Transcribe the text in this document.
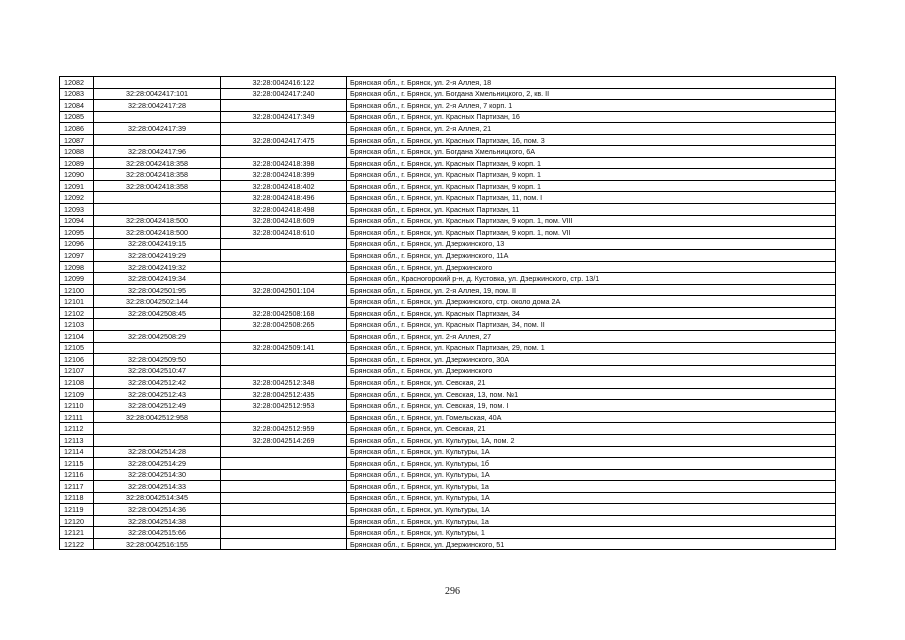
12082		32:28:0042416:122	Брянская обл., г. Брянск, ул. 2-я Аллея, 18
12083	32:28:0042417:101	32:28:0042417:240	Брянская обл., г. Брянск, ул. Богдана Хмельницкого, 2, кв. II
12084	32:28:0042417:28		Брянская обл., г. Брянск, ул. 2-я Аллея, 7 корп. 1
12085		32:28:0042417:349	Брянская обл., г. Брянск, ул. Красных Партизан, 16
12086	32:28:0042417:39		Брянская обл., г. Брянск, ул. 2-я Аллея, 21
12087		32:28:0042417:475	Брянская обл., г. Брянск, ул. Красных Партизан, 16, пом. 3
12088	32:28:0042417:96		Брянская обл., г. Брянск, ул. Богдана Хмельницкого, 6А
12089	32:28:0042418:358	32:28:0042418:398	Брянская обл., г. Брянск, ул. Красных Партизан, 9 корп. 1
12090	32:28:0042418:358	32:28:0042418:399	Брянская обл., г. Брянск, ул. Красных Партизан, 9 корп. 1
12091	32:28:0042418:358	32:28:0042418:402	Брянская обл., г. Брянск, ул. Красных Партизан, 9 корп. 1
12092		32:28:0042418:496	Брянская обл., г. Брянск, ул. Красных Партизан, 11, пом. I
12093		32:28:0042418:498	Брянская обл., г. Брянск, ул. Красных Партизан, 11
12094	32:28:0042418:500	32:28:0042418:609	Брянская обл., г. Брянск, ул. Красных Партизан, 9 корп. 1, пом. VIII
12095	32:28:0042418:500	32:28:0042418:610	Брянская обл., г. Брянск, ул. Красных Партизан, 9 корп. 1, пом. VII
12096	32:28:0042419:15		Брянская обл., г. Брянск, ул. Дзержинского, 13
12097	32:28:0042419:29		Брянская обл., г. Брянск, ул. Дзержинского, 11А
12098	32:28:0042419:32		Брянская обл., г. Брянск, ул. Дзержинского
12099	32:28:0042419:34		Брянская обл., Красногорский р-н, д. Кустовка, ул. Дзержинского, стр. 13/1
12100	32:28:0042501:95	32:28:0042501:104	Брянская обл., г. Брянск, ул. 2-я Аллея, 19, пом. II
12101	32:28:0042502:144		Брянская обл., г. Брянск, ул. Дзержинского, стр. около дома 2А
12102	32:28:0042508:45	32:28:0042508:168	Брянская обл., г. Брянск, ул. Красных Партизан, 34
12103		32:28:0042508:265	Брянская обл., г. Брянск, ул. Красных Партизан, 34, пом. II
12104	32:28:0042508:29		Брянская обл., г. Брянск, ул. 2-я Аллея, 27
12105		32:28:0042509:141	Брянская обл., г. Брянск, ул. Красных Партизан, 29, пом. 1
12106	32:28:0042509:50		Брянская обл., г. Брянск, ул. Дзержинского, 30А
12107	32:28:0042510:47		Брянская обл., г. Брянск, ул. Дзержинского
12108	32:28:0042512:42	32:28:0042512:348	Брянская обл., г. Брянск, ул. Севская, 21
12109	32:28:0042512:43	32:28:0042512:435	Брянская обл., г. Брянск, ул. Севская, 13, пом. №1
12110	32:28:0042512:49	32:28:0042512:953	Брянская обл., г. Брянск, ул. Севская, 19, пом. I
12111	32:28:0042512:958		Брянская обл., г. Брянск, ул. Гомельская, 40А
12112		32:28:0042512:959	Брянская обл., г. Брянск, ул. Севская, 21
12113		32:28:0042514:269	Брянская обл., г. Брянск, ул. Культуры, 1А, пом. 2
12114	32:28:0042514:28		Брянская обл., г. Брянск, ул. Культуры, 1А
12115	32:28:0042514:29		Брянская обл., г. Брянск, ул. Культуры, 1б
12116	32:28:0042514:30		Брянская обл., г. Брянск, ул. Культуры, 1А
12117	32:28:0042514:33		Брянская обл., г. Брянск, ул. Культуры, 1а
12118	32:28:0042514:345		Брянская обл., г. Брянск, ул. Культуры, 1А
12119	32:28:0042514:36		Брянская обл., г. Брянск, ул. Культуры, 1А
12120	32:28:0042514:38		Брянская обл., г. Брянск, ул. Культуры, 1а
12121	32:28:0042515:66		Брянская обл., г. Брянск, ул. Культуры, 1
12122	32:28:0042516:155		Брянская обл., г. Брянск, ул. Дзержинского, 51
296
